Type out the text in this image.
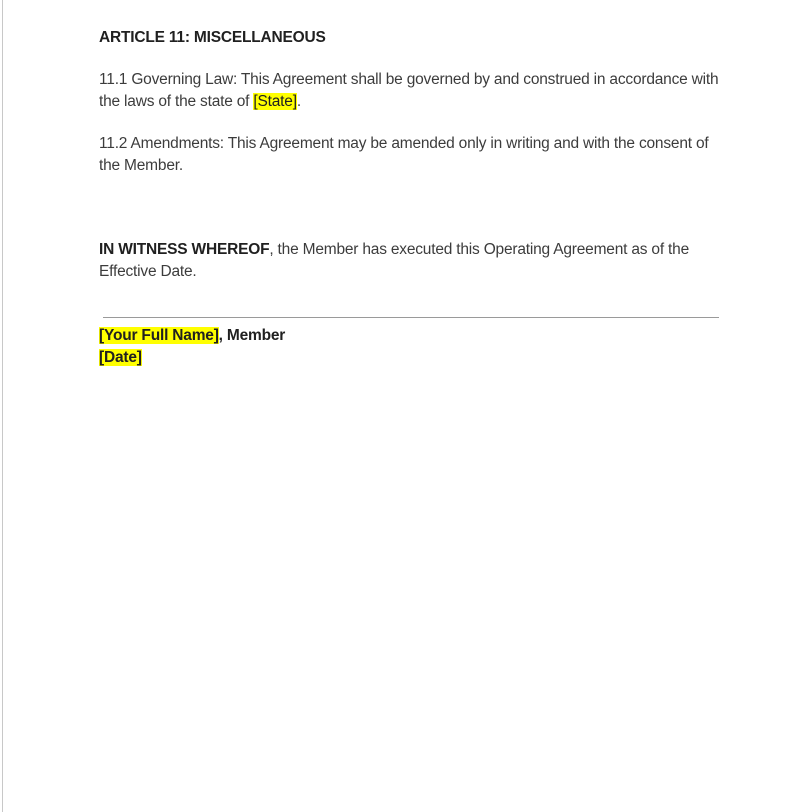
ARTICLE 11: MISCELLANEOUS

11.1 Governing Law: This Agreement shall be governed by and construed in accordance with the laws of the state of [State].

11.2 Amendments: This Agreement may be amended only in writing and with the consent of the Member.

IN WITNESS WHEREOF, the Member has executed this Operating Agreement as of the Effective Date.

[Your Full Name], Member
[Date]
